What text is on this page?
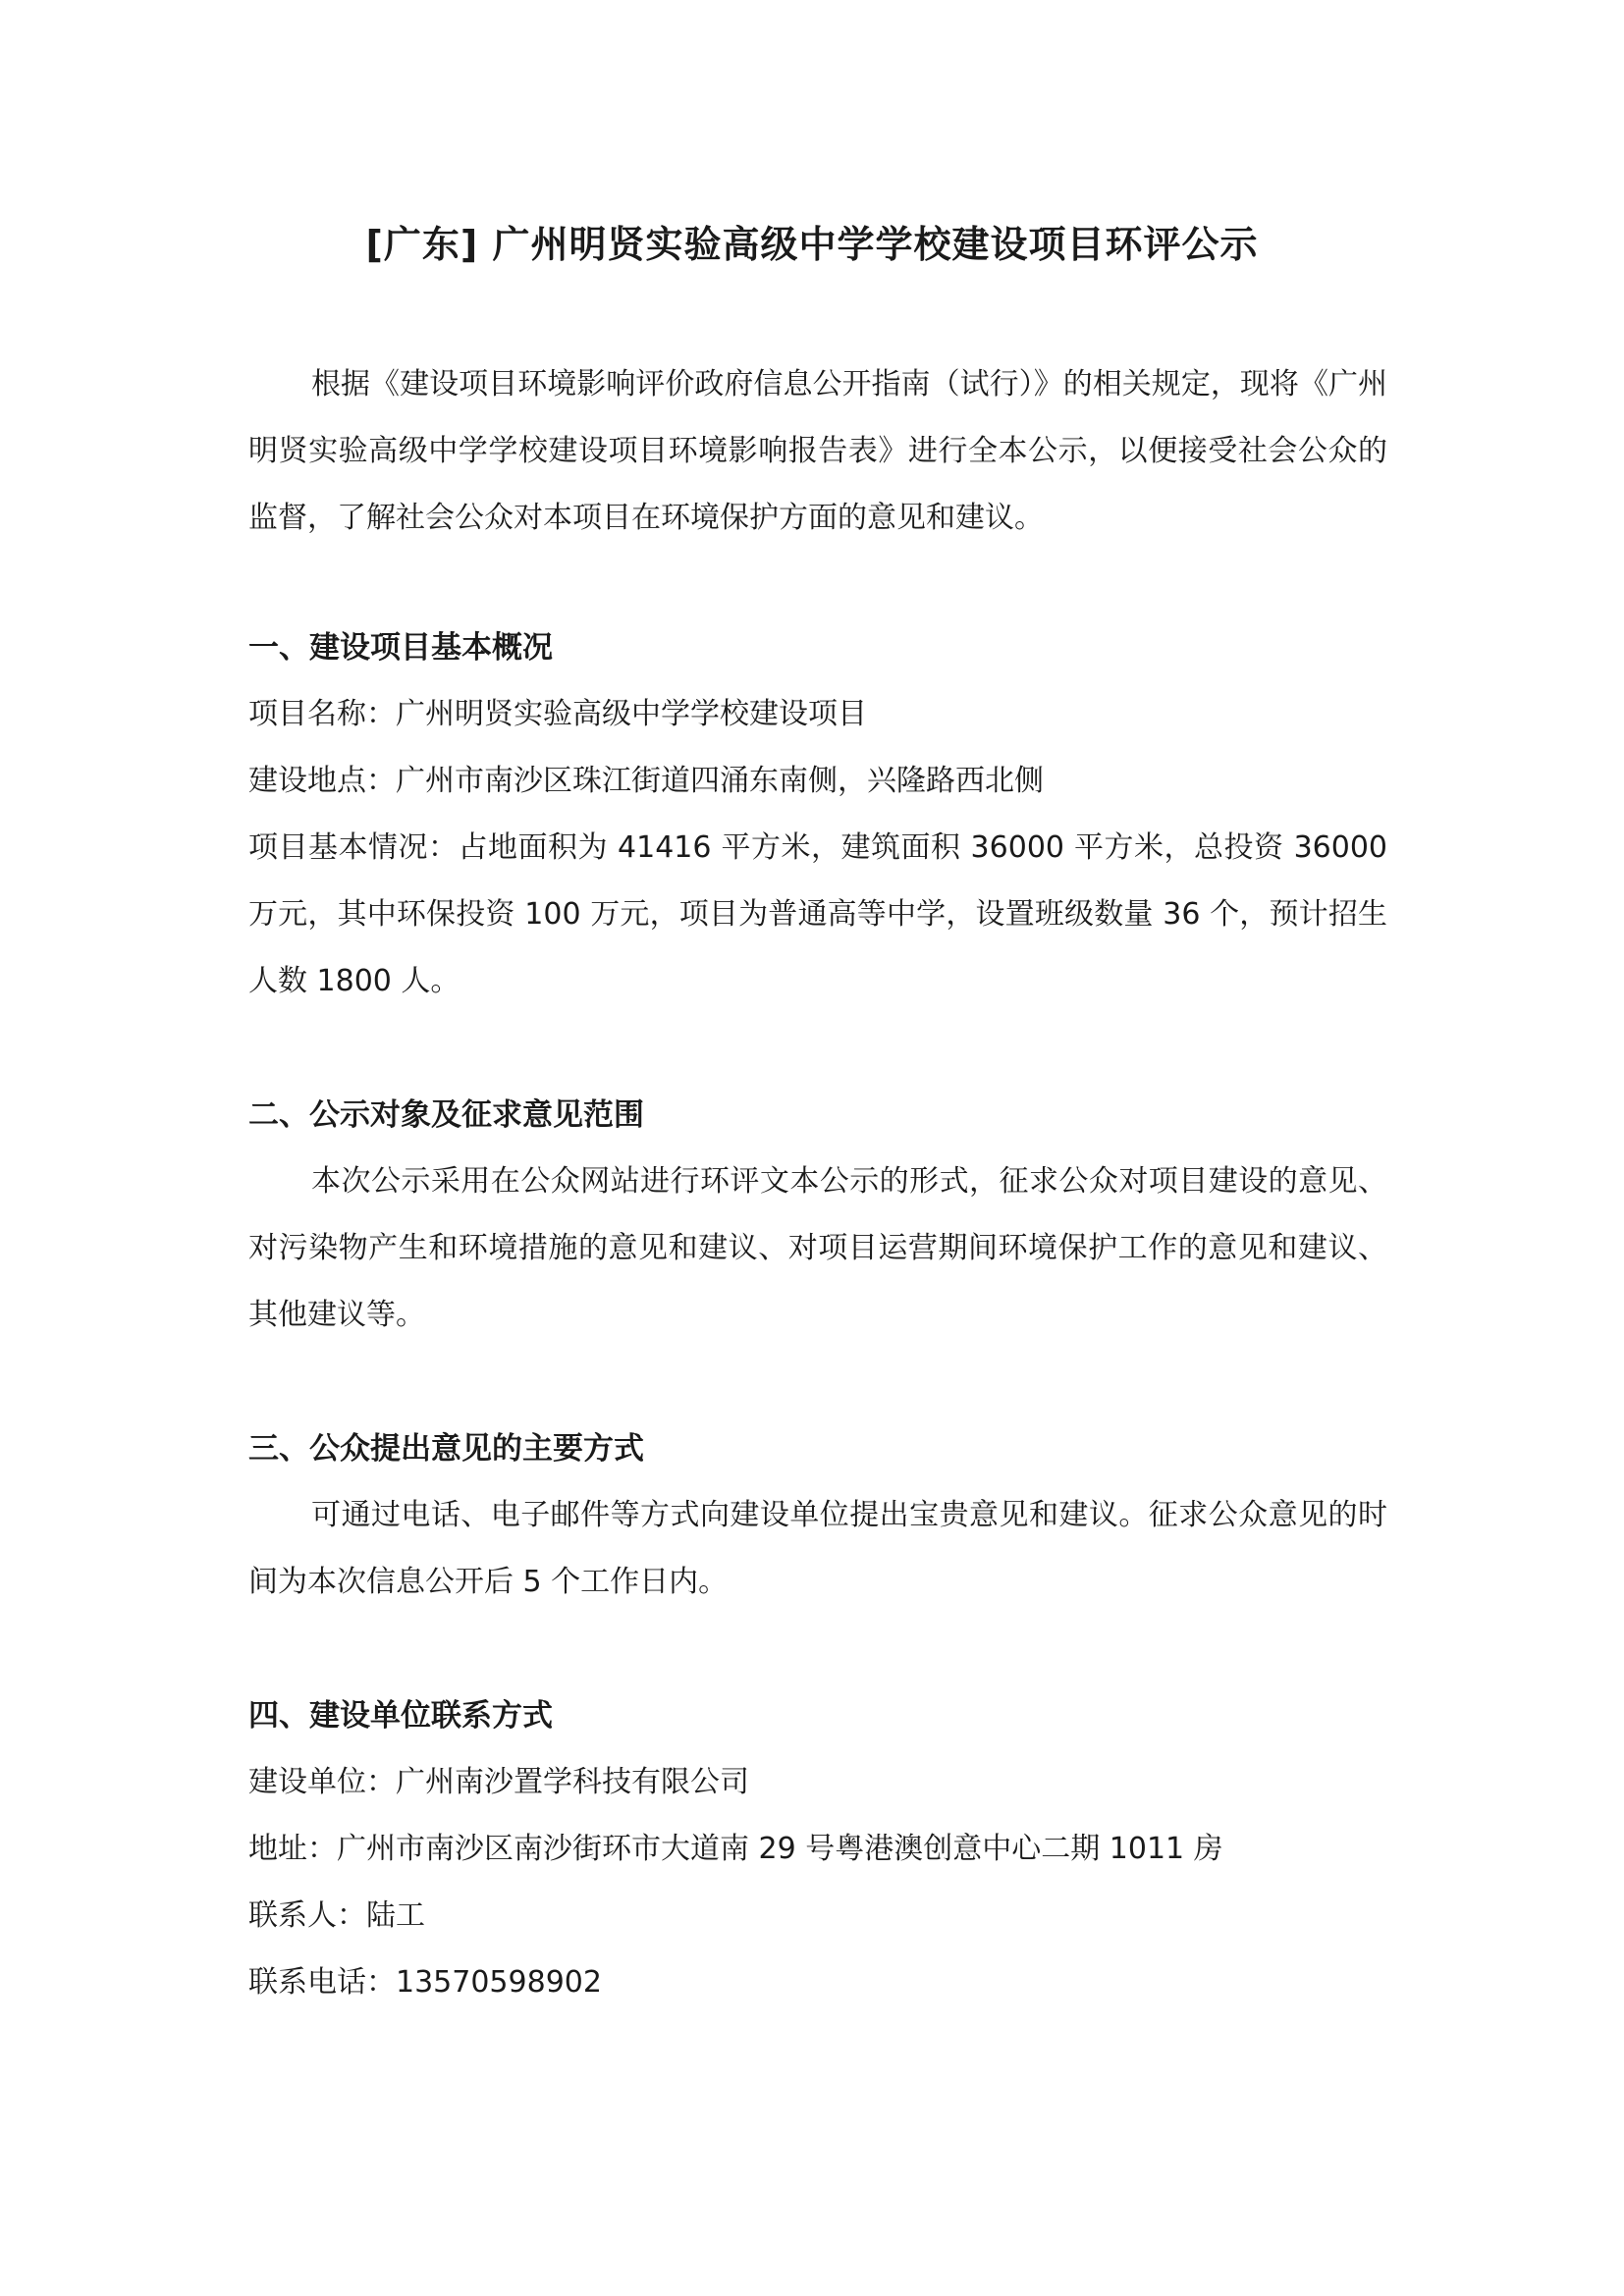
[广东] 广州明贤实验高级中学学校建设项目环评公示

根据《建设项目环境影响评价政府信息公开指南（试行）》的相关规定，现将《广州明贤实验高级中学学校建设项目环境影响报告表》进行全本公示，以便接受社会公众的监督，了解社会公众对本项目在环境保护方面的意见和建议。

一、建设项目基本概况

项目名称：广州明贤实验高级中学学校建设项目

建设地点：广州市南沙区珠江街道四涌东南侧，兴隆路西北侧

项目基本情况：占地面积为 41416 平方米，建筑面积 36000 平方米，总投资 36000 万元，其中环保投资 100 万元，项目为普通高等中学，设置班级数量 36 个，预计招生人数 1800 人。

二、公示对象及征求意见范围

本次公示采用在公众网站进行环评文本公示的形式，征求公众对项目建设的意见、对污染物产生和环境措施的意见和建议、对项目运营期间环境保护工作的意见和建议、其他建议等。

三、公众提出意见的主要方式

可通过电话、电子邮件等方式向建设单位提出宝贵意见和建议。征求公众意见的时间为本次信息公开后 5 个工作日内。

四、建设单位联系方式

建设单位：广州南沙置学科技有限公司

地址：广州市南沙区南沙街环市大道南 29 号粤港澳创意中心二期 1011 房

联系人：陆工

联系电话：13570598902
